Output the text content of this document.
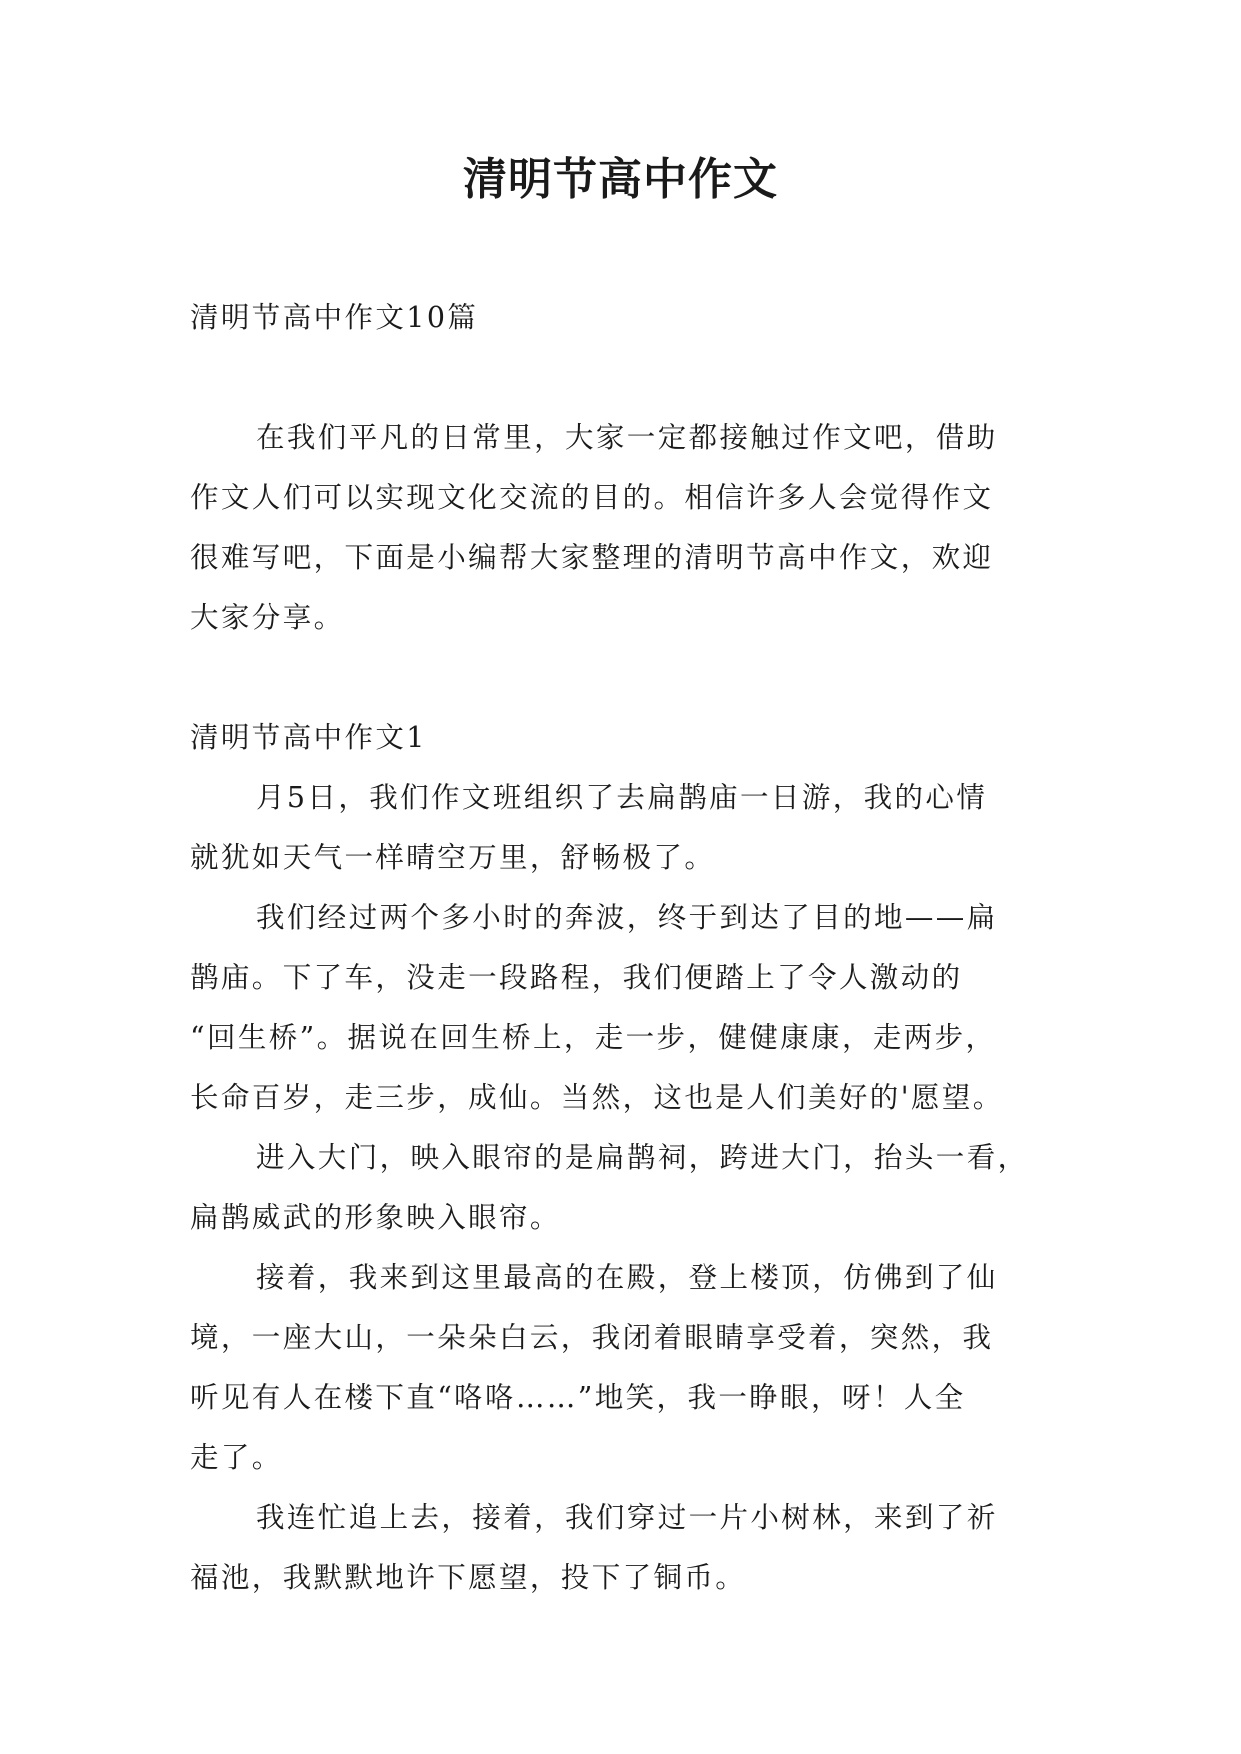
清明节高中作文
清明节高中作文10篇
在我们平凡的日常里，大家一定都接触过作文吧，借助
作文人们可以实现文化交流的目的。相信许多人会觉得作文
很难写吧，下面是小编帮大家整理的清明节高中作文，欢迎
大家分享。
清明节高中作文1
月5日，我们作文班组织了去扁鹊庙一日游，我的心情
就犹如天气一样晴空万里，舒畅极了。
我们经过两个多小时的奔波，终于到达了目的地——扁
鹊庙。下了车，没走一段路程，我们便踏上了令人激动的
“回生桥”。据说在回生桥上，走一步，健健康康，走两步，
长命百岁，走三步，成仙。当然，这也是人们美好的'愿望。
进入大门，映入眼帘的是扁鹊祠，跨进大门，抬头一看，
扁鹊威武的形象映入眼帘。
接着，我来到这里最高的在殿，登上楼顶，仿佛到了仙
境，一座大山，一朵朵白云，我闭着眼睛享受着，突然，我
听见有人在楼下直“咯咯……”地笑，我一睁眼，呀！人全
走了。
我连忙追上去，接着，我们穿过一片小树林，来到了祈
福池，我默默地许下愿望，投下了铜币。
